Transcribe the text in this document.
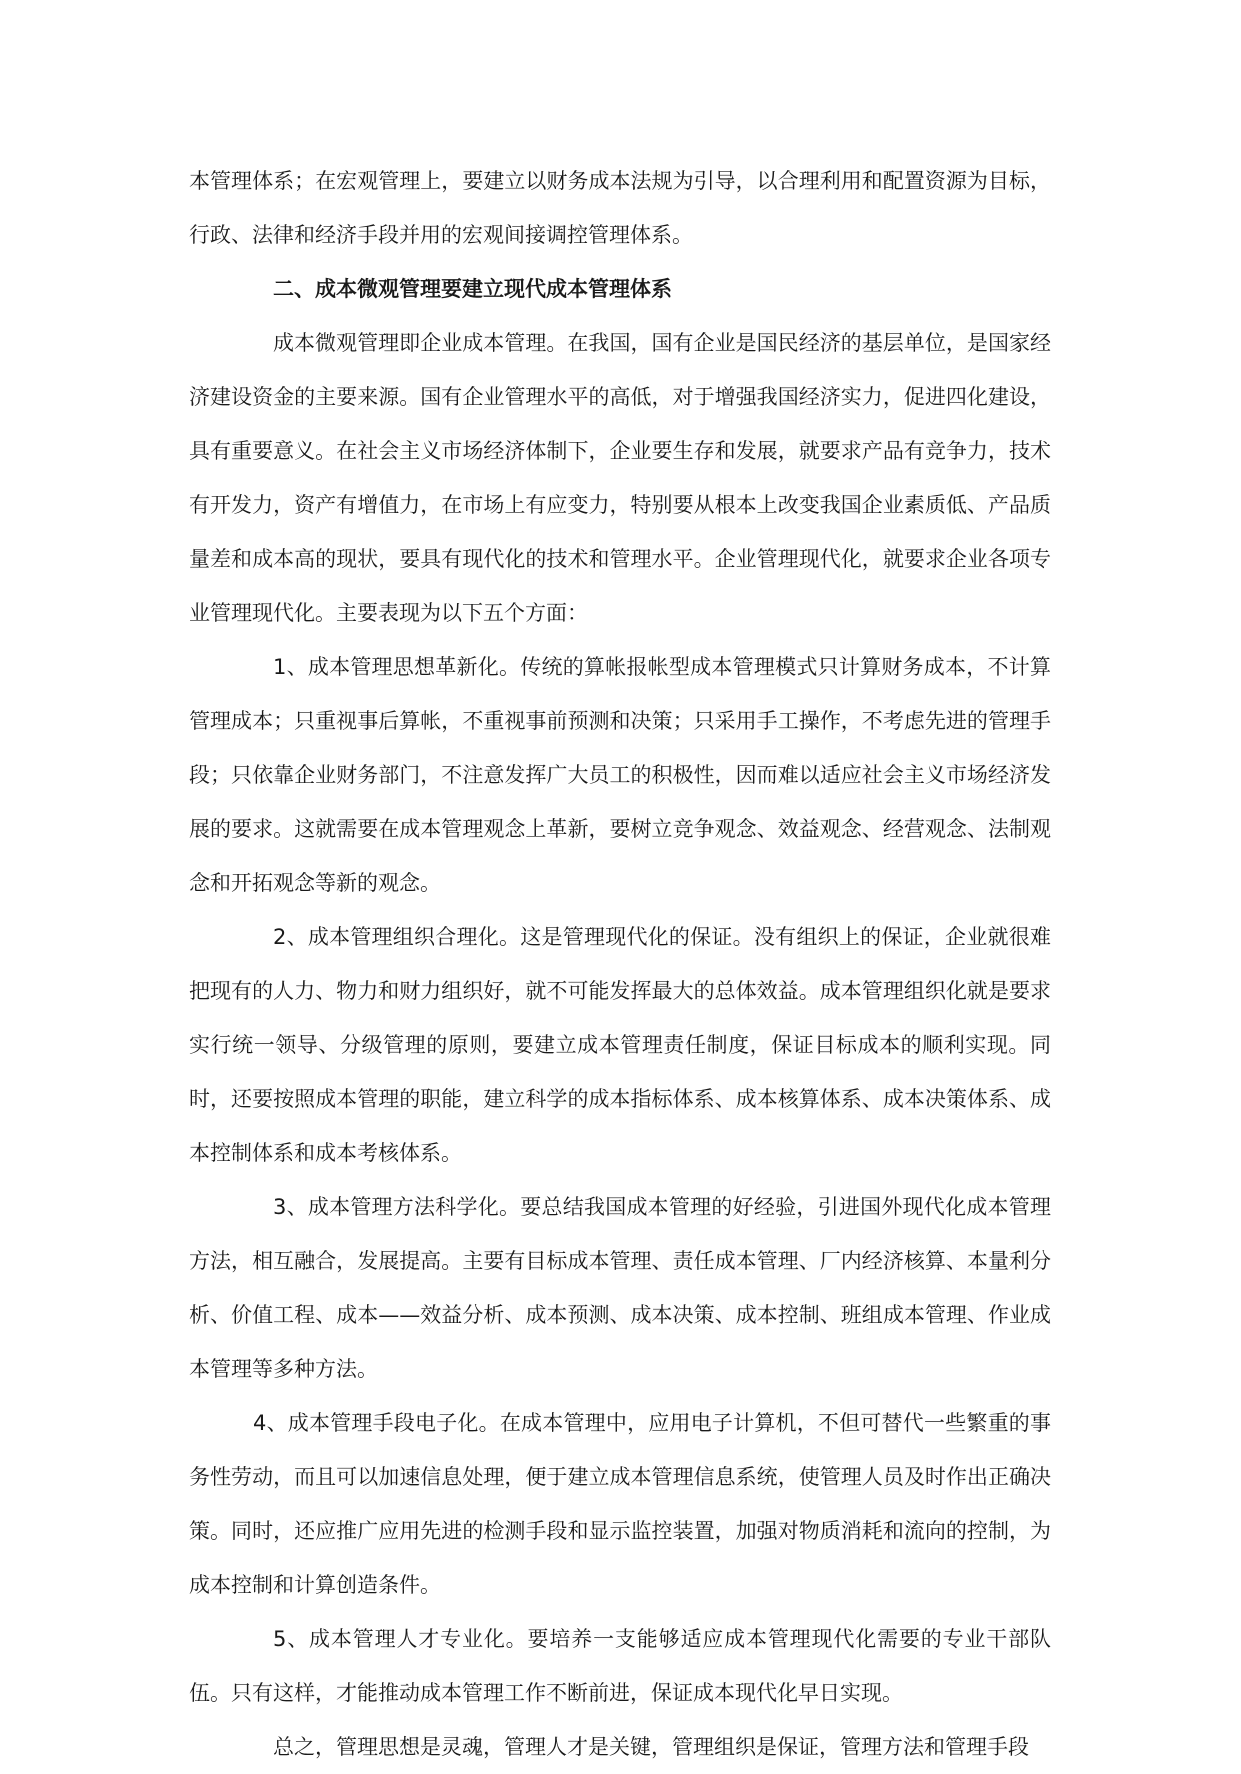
本管理体系；在宏观管理上，要建立以财务成本法规为引导，以合理利用和配置资源为目标，行政、法律和经济手段并用的宏观间接调控管理体系。

二、成本微观管理要建立现代成本管理体系

成本微观管理即企业成本管理。在我国，国有企业是国民经济的基层单位，是国家经济建设资金的主要来源。国有企业管理水平的高低，对于增强我国经济实力，促进四化建设，具有重要意义。在社会主义市场经济体制下，企业要生存和发展，就要求产品有竞争力，技术有开发力，资产有增值力，在市场上有应变力，特别要从根本上改变我国企业素质低、产品质量差和成本高的现状，要具有现代化的技术和管理水平。企业管理现代化，就要求企业各项专业管理现代化。主要表现为以下五个方面：

1、成本管理思想革新化。传统的算帐报帐型成本管理模式只计算财务成本，不计算管理成本；只重视事后算帐，不重视事前预测和决策；只采用手工操作，不考虑先进的管理手段；只依靠企业财务部门，不注意发挥广大员工的积极性，因而难以适应社会主义市场经济发展的要求。这就需要在成本管理观念上革新，要树立竞争观念、效益观念、经营观念、法制观念和开拓观念等新的观念。

2、成本管理组织合理化。这是管理现代化的保证。没有组织上的保证，企业就很难把现有的人力、物力和财力组织好，就不可能发挥最大的总体效益。成本管理组织化就是要求实行统一领导、分级管理的原则，要建立成本管理责任制度，保证目标成本的顺利实现。同时，还要按照成本管理的职能，建立科学的成本指标体系、成本核算体系、成本决策体系、成本控制体系和成本考核体系。

3、成本管理方法科学化。要总结我国成本管理的好经验，引进国外现代化成本管理方法，相互融合，发展提高。主要有目标成本管理、责任成本管理、厂内经济核算、本量利分析、价值工程、成本——效益分析、成本预测、成本决策、成本控制、班组成本管理、作业成本管理等多种方法。

4、成本管理手段电子化。在成本管理中，应用电子计算机，不但可替代一些繁重的事务性劳动，而且可以加速信息处理，便于建立成本管理信息系统，使管理人员及时作出正确决策。同时，还应推广应用先进的检测手段和显示监控装置，加强对物质消耗和流向的控制，为成本控制和计算创造条件。

5、成本管理人才专业化。要培养一支能够适应成本管理现代化需要的专业干部队伍。只有这样，才能推动成本管理工作不断前进，保证成本现代化早日实现。

总之，管理思想是灵魂，管理人才是关键，管理组织是保证，管理方法和管理手段
